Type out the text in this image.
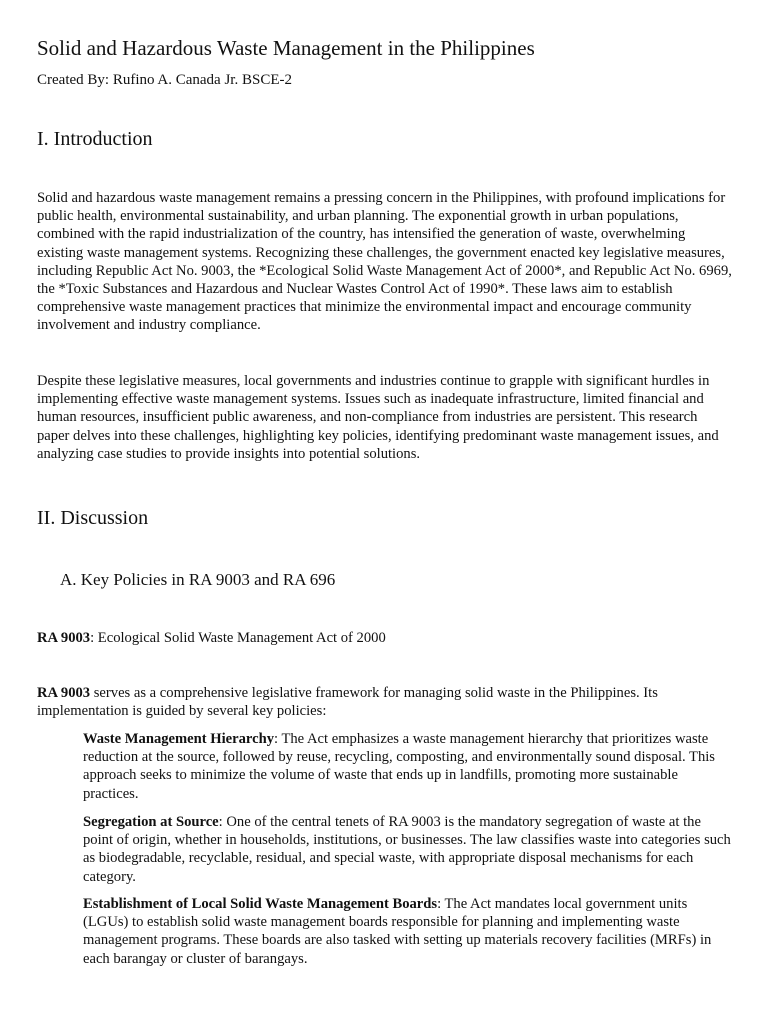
Solid and Hazardous Waste Management in the Philippines

Created By: Rufino A. Canada Jr. BSCE-2

I. Introduction

Solid and hazardous waste management remains a pressing concern in the Philippines, with profound implications for public health, environmental sustainability, and urban planning. The exponential growth in urban populations, combined with the rapid industrialization of the country, has intensified the generation of waste, overwhelming existing waste management systems. Recognizing these challenges, the government enacted key legislative measures, including Republic Act No. 9003, the *Ecological Solid Waste Management Act of 2000*, and Republic Act No. 6969, the *Toxic Substances and Hazardous and Nuclear Wastes Control Act of 1990*. These laws aim to establish comprehensive waste management practices that minimize the environmental impact and encourage community involvement and industry compliance.

Despite these legislative measures, local governments and industries continue to grapple with significant hurdles in implementing effective waste management systems. Issues such as inadequate infrastructure, limited financial and human resources, insufficient public awareness, and non-compliance from industries are persistent. This research paper delves into these challenges, highlighting key policies, identifying predominant waste management issues, and analyzing case studies to provide insights into potential solutions.

II. Discussion
A. Key Policies in RA 9003 and RA 696

RA 9003: Ecological Solid Waste Management Act of 2000

RA 9003 serves as a comprehensive legislative framework for managing solid waste in the Philippines. Its implementation is guided by several key policies:

Waste Management Hierarchy: The Act emphasizes a waste management hierarchy that prioritizes waste reduction at the source, followed by reuse, recycling, composting, and environmentally sound disposal. This approach seeks to minimize the volume of waste that ends up in landfills, promoting more sustainable practices.

Segregation at Source: One of the central tenets of RA 9003 is the mandatory segregation of waste at the point of origin, whether in households, institutions, or businesses. The law classifies waste into categories such as biodegradable, recyclable, residual, and special waste, with appropriate disposal mechanisms for each category.

Establishment of Local Solid Waste Management Boards: The Act mandates local government units (LGUs) to establish solid waste management boards responsible for planning and implementing waste management programs. These boards are also tasked with setting up materials recovery facilities (MRFs) in each barangay or cluster of barangays.
